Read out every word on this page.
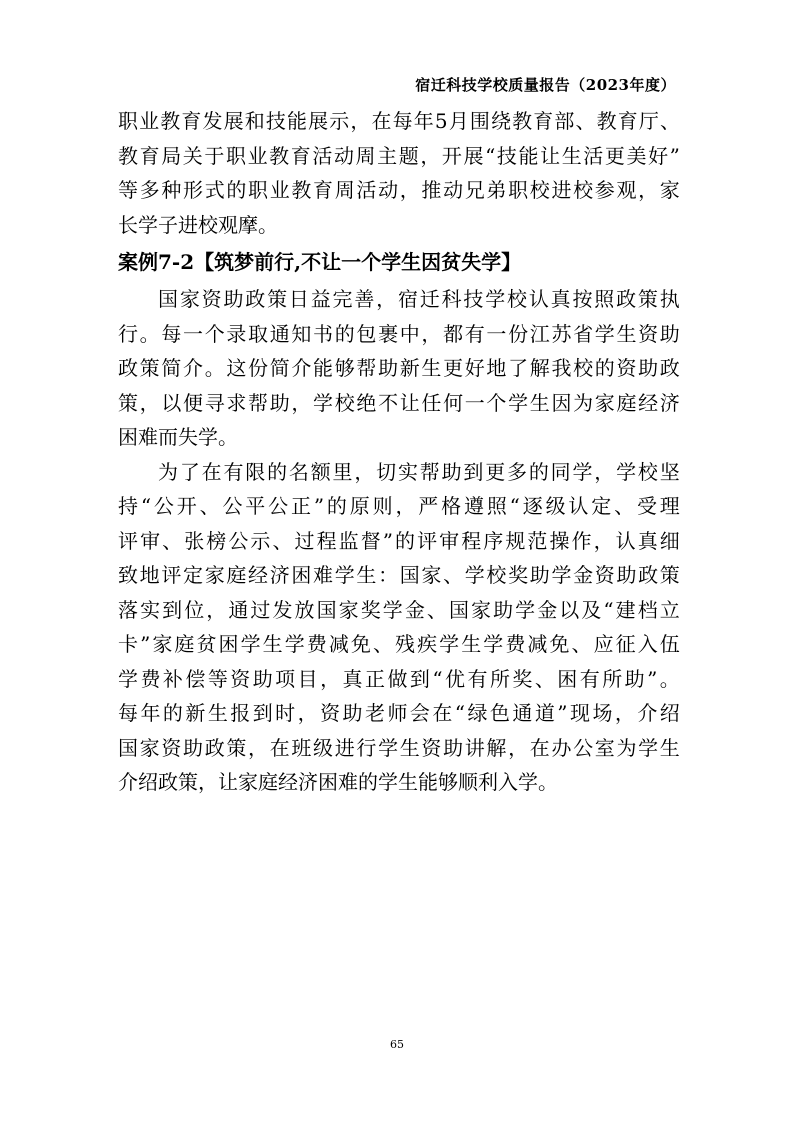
宿迁科技学校质量报告（2023年度）
职 业 教 育 发 展 和 技 能 展 示 ， 在 每 年 5 月 围 绕 教 育 部 、 教 育 厅 、
教 育 局 关 于 职 业 教 育 活 动 周 主 题 ， 开 展 “ 技 能 让 生 活 更 美 好 ”
等 多 种 形 式 的 职 业 教 育 周 活 动 ， 推 动 兄 弟 职 校 进 校 参 观 ， 家
长学子进校观摩。
案例7-2【筑梦前行,不让一个学生因贫失学】
国 家 资 助 政 策 日 益 完 善 ， 宿 迁 科 技 学 校 认 真 按 照 政 策 执
行 。 每 一 个 录 取 通 知 书 的 包 裹 中 ， 都 有 一 份 江 苏 省 学 生 资 助
政 策 简 介 。 这 份 简 介 能 够 帮 助 新 生 更 好 地 了 解 我 校 的 资 助 政
策 ， 以 便 寻 求 帮 助 ， 学 校 绝 不 让 任 何 一 个 学 生 因 为 家 庭 经 济
困难而失学。
为 了 在 有 限 的 名 额 里 ， 切 实 帮 助 到 更 多 的 同 学 ， 学 校 坚
持 “ 公 开 、 公 平 公 正 ” 的 原 则 ， 严 格 遵 照 “ 逐 级 认 定 、 受 理
评 审 、 张 榜 公 示 、 过 程 监 督 ” 的 评 审 程 序 规 范 操 作 ， 认 真 细
致 地 评 定 家 庭 经 济 困 难 学 生 ： 国 家 、 学 校 奖 助 学 金 资 助 政 策
落 实 到 位 ， 通 过 发 放 国 家 奖 学 金 、 国 家 助 学 金 以 及 “ 建 档 立
卡 ” 家 庭 贫 困 学 生 学 费 减 免 、 残 疾 学 生 学 费 减 免 、 应 征 入 伍
学 费 补 偿 等 资 助 项 目 ， 真 正 做 到 “ 优 有 所 奖 、 困 有 所 助 ” 。
每 年 的 新 生 报 到 时 ， 资 助 老 师 会 在 “ 绿 色 通 道 ” 现 场 ， 介 绍
国 家 资 助 政 策 ， 在 班 级 进 行 学 生 资 助 讲 解 ， 在 办 公 室 为 学 生
介绍政策，让家庭经济困难的学生能够顺利入学。
65
